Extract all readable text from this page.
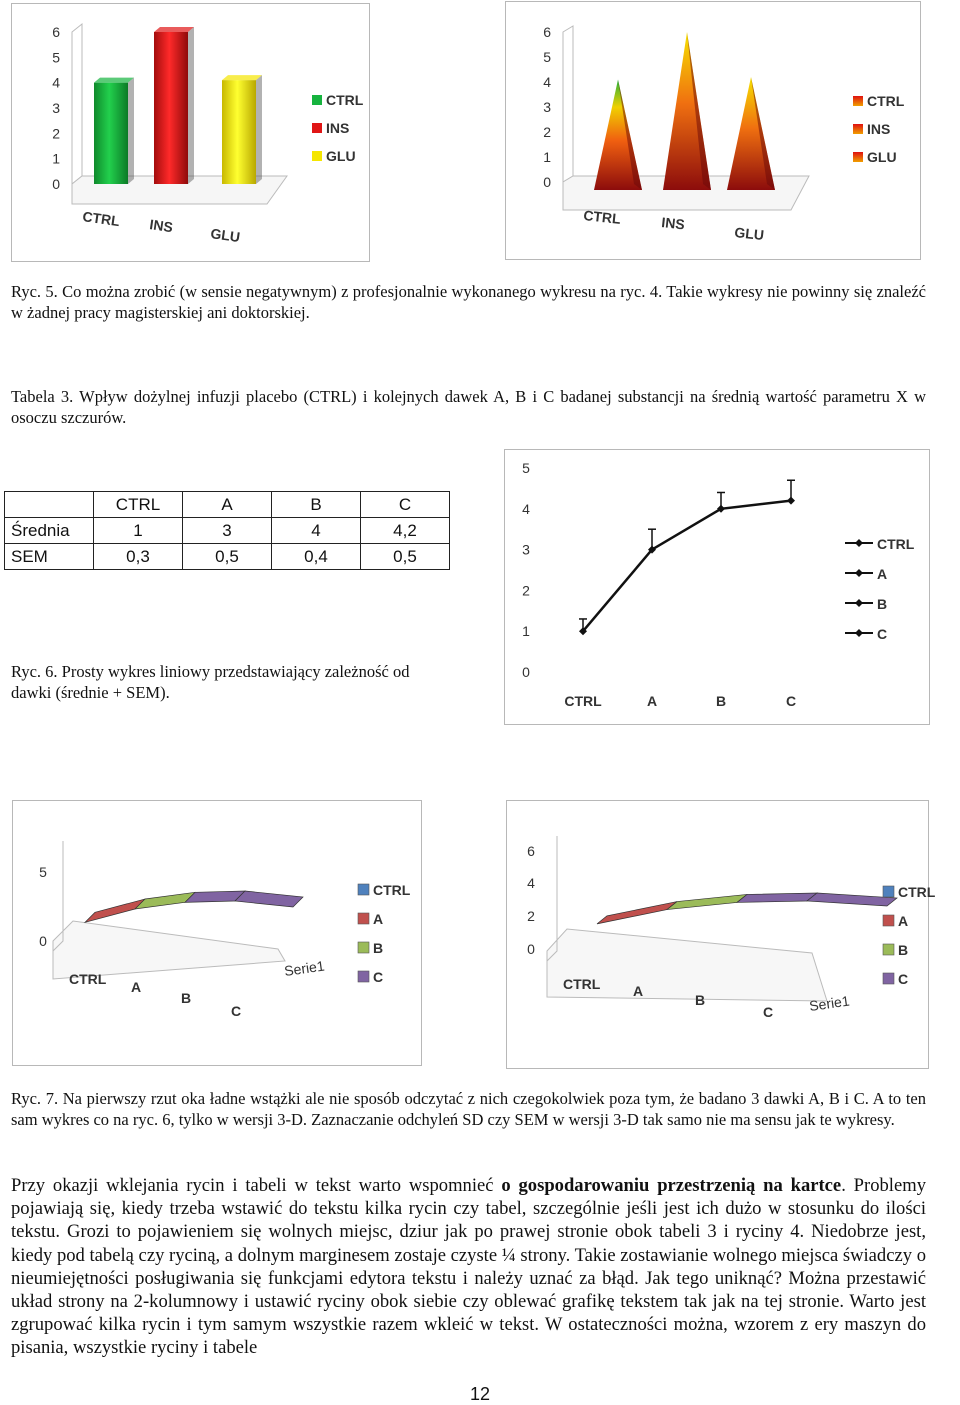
0
1
2
3
4
5
6
CTRL INS	GLU
CTRL
INS
GLU
0
1
2
3
4
5
6
CTRL	INS
GLU
CTRL
INS
GLU
Ryc. 5. Co można zrobić (w sensie negatywnym) z profesjonalnie wykonanego wykresu na ryc. 4. Takie wykresy nie powinny się znaleźć w żadnej pracy magisterskiej ani doktorskiej.
Tabela 3. Wpływ dożylnej infuzji placebo (CTRL) i kolejnych dawek A, B i C badanej substancji na średnią wartość parametru X w osoczu szczurów.
	CTRL	A	B	C
Średnia	1	3	4	4,2
SEM	0,3	0,5	0,4	0,5
Ryc. 6. Prosty wykres liniowy przedstawiający zależność od dawki (średnie + SEM).
0
1
2
3
4
5
CTRL	A	B	C
CTRL
A
B
C
0
5
CTRL A
B
C
Serie1
CTRL
A
B
C
0
2
4
6
CTRL A
B
C	Serie1
CTRL
A
B
C
Ryc. 7. Na pierwszy rzut oka ładne wstążki ale nie sposób odczytać z nich czegokolwiek poza tym, że badano 3 dawki A, B i C. A to ten sam wykres co na ryc. 6, tylko w wersji 3-D. Zaznaczanie odchyleń SD czy SEM w wersji 3-D tak samo nie ma sensu jak te wykresy.
Przy okazji wklejania rycin i tabeli w tekst warto wspomnieć o gospodarowaniu przestrzenią na kartce. Problemy pojawiają się, kiedy trzeba wstawić do tekstu kilka rycin czy tabel, szczególnie jeśli jest ich dużo w stosunku do ilości tekstu. Grozi to pojawieniem się wolnych miejsc, dziur jak po prawej stronie obok tabeli 3 i ryciny 4. Niedobrze jest, kiedy pod tabelą czy ryciną, a dolnym marginesem zostaje czyste ¼ strony. Takie zostawianie wolnego miejsca świadczy o nieumiejętności posługiwania się funkcjami edytora tekstu i należy uznać za błąd. Jak tego uniknąć? Można przestawić układ strony na 2-kolumnowy i ustawić ryciny obok siebie czy oblewać grafikę tekstem tak jak na tej stronie. Warto jest zgrupować kilka rycin i tym samym wszystkie razem wkleić w tekst. W ostateczności można, wzorem z ery maszyn do pisania, wszystkie ryciny i tabele
12
